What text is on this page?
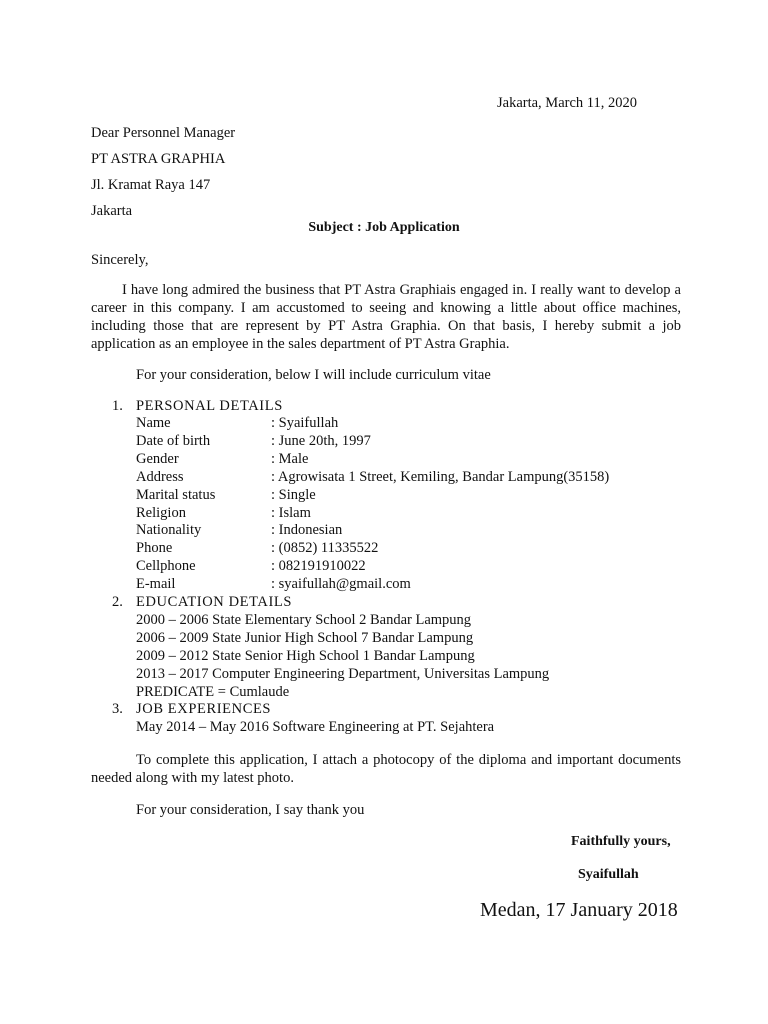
Jakarta, March 11, 2020
Dear Personnel Manager
PT ASTRA GRAPHIA
Jl. Kramat Raya 147
Jakarta
Subject : Job Application
Sincerely,
I have long admired the business that PT Astra Graphiais engaged in. I really want to develop a career in this company. I am accustomed to seeing and knowing a little about office machines, including those that are represent by PT Astra Graphia. On that basis, I hereby submit a job application as an employee in the sales department of PT Astra Graphia.
For your consideration, below I will include curriculum vitae
1. PERSONAL DETAILS
Name	: Syaifullah
Date of birth	: June 20th, 1997
Gender	: Male
Address	: Agrowisata 1 Street, Kemiling, Bandar Lampung(35158)
Marital status	: Single
Religion	: Islam
Nationality	: Indonesian
Phone	: (0852) 11335522
Cellphone	: 082191910022
E-mail	: syaifullah@gmail.com
2. EDUCATION DETAILS
2000 – 2006 State Elementary School 2 Bandar Lampung
2006 – 2009 State Junior High School 7 Bandar Lampung
2009 – 2012 State Senior High School 1 Bandar Lampung
2013 – 2017 Computer Engineering Department, Universitas Lampung
PREDICATE = Cumlaude
3. JOB EXPERIENCES
May 2014 – May 2016 Software Engineering at PT. Sejahtera
To complete this application, I attach a photocopy of the diploma and important documents needed along with my latest photo.
For your consideration, I say thank you
Faithfully yours,
Syaifullah
Medan, 17 January 2018
